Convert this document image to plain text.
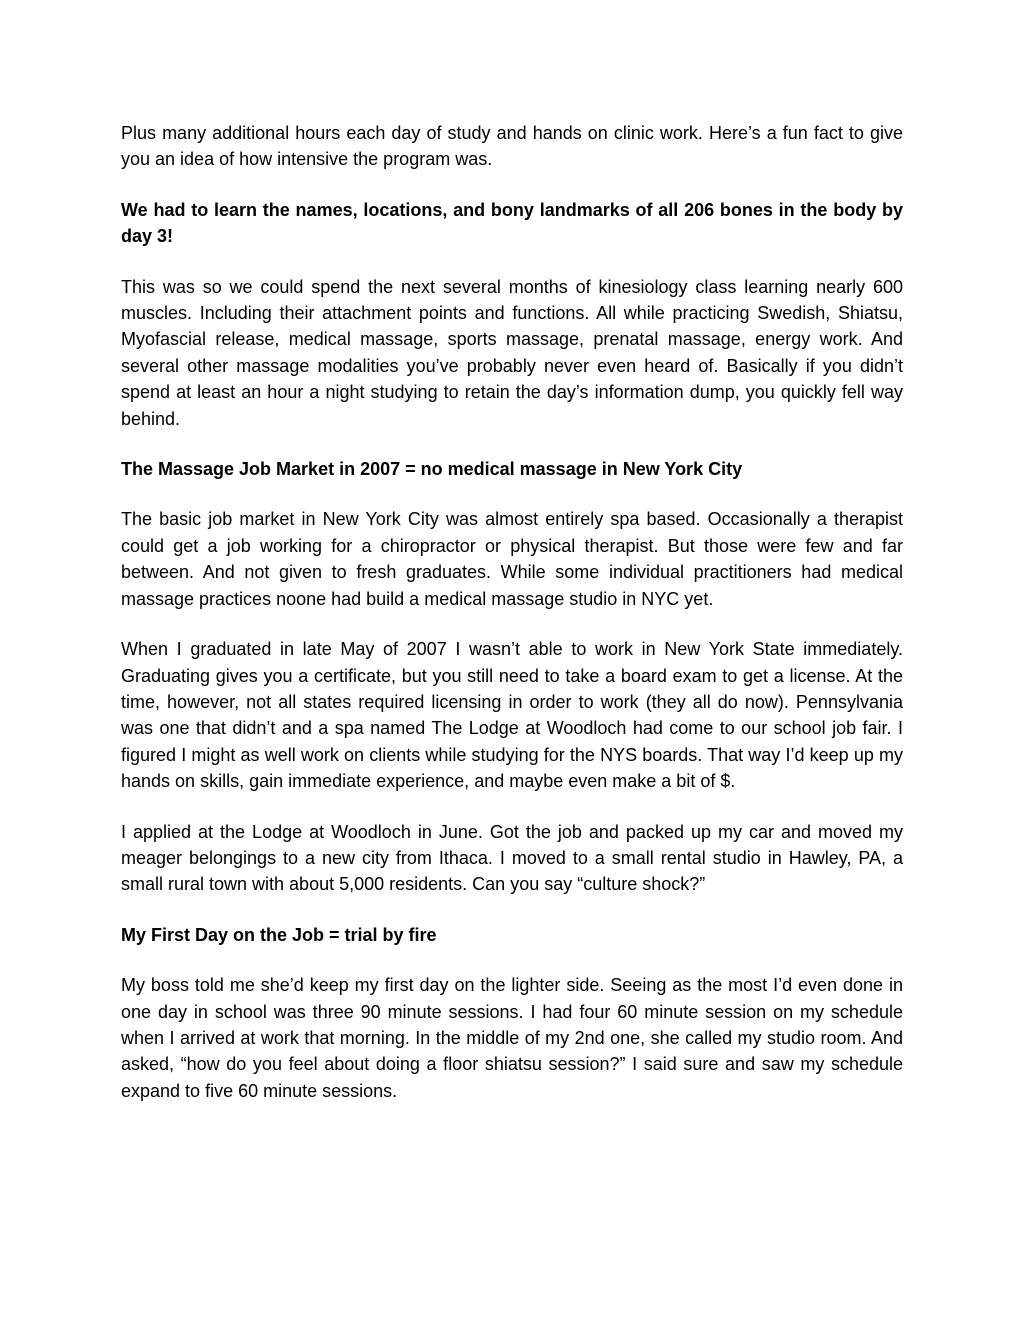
Plus many additional hours each day of study and hands on clinic work. Here’s a fun fact to give you an idea of how intensive the program was.

We had to learn the names, locations, and bony landmarks of all 206 bones in the body by day 3!

This was so we could spend the next several months of kinesiology class learning nearly 600 muscles. Including their attachment points and functions. All while practicing Swedish, Shiatsu, Myofascial release, medical massage, sports massage, prenatal massage, energy work. And several other massage modalities you’ve probably never even heard of. Basically if you didn’t spend at least an hour a night studying to retain the day’s information dump, you quickly fell way behind.

The Massage Job Market in 2007 = no medical massage in New York City

The basic job market in New York City was almost entirely spa based. Occasionally a therapist could get a job working for a chiropractor or physical therapist. But those were few and far between. And not given to fresh graduates. While some individual practitioners had medical massage practices noone had build a medical massage studio in NYC yet.

When I graduated in late May of 2007 I wasn’t able to work in New York State immediately. Graduating gives you a certificate, but you still need to take a board exam to get a license. At the time, however, not all states required licensing in order to work (they all do now). Pennsylvania was one that didn’t and a spa named The Lodge at Woodloch had come to our school job fair. I figured I might as well work on clients while studying for the NYS boards. That way I’d keep up my hands on skills, gain immediate experience, and maybe even make a bit of $.

I applied at the Lodge at Woodloch in June. Got the job and packed up my car and moved my meager belongings to a new city from Ithaca. I moved to a small rental studio in Hawley, PA, a small rural town with about 5,000 residents. Can you say “culture shock?”

My First Day on the Job = trial by fire

My boss told me she’d keep my first day on the lighter side. Seeing as the most I’d even done in one day in school was three 90 minute sessions. I had four 60 minute session on my schedule when I arrived at work that morning. In the middle of my 2nd one, she called my studio room. And asked, “how do you feel about doing a floor shiatsu session?” I said sure and saw my schedule expand to five 60 minute sessions.
